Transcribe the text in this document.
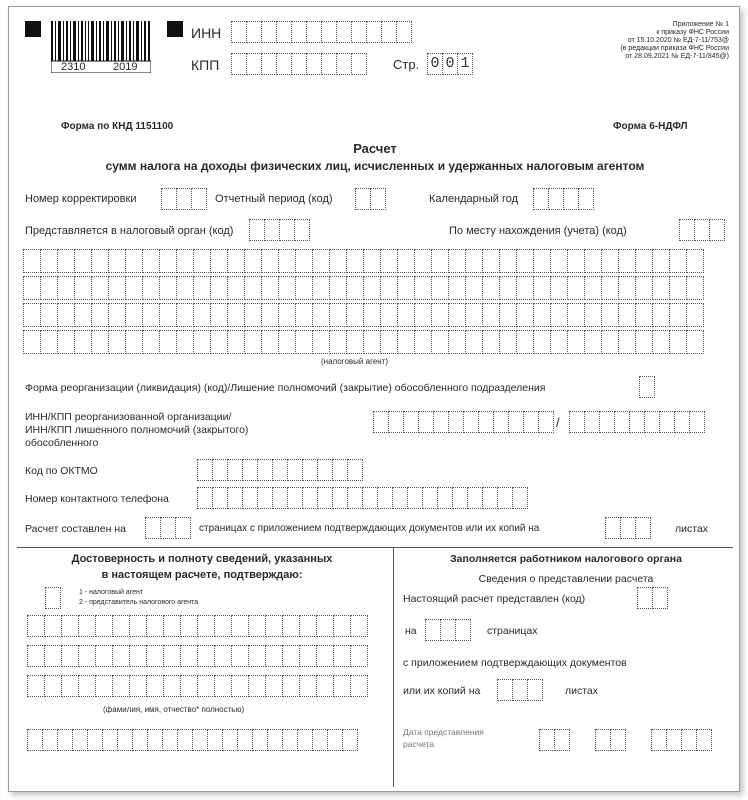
2310	2019
ИНН
КПП	Стр. 0 0 1
Приложение № 1
к приказу ФНС России
от 15.10.2020 № ЕД-7-11/753@
(в редакции приказа ФНС России
от 28.09.2021 № ЕД-7-11/845@)
Форма по КНД 1151100	Форма 6-НДФЛ
Расчет
сумм налога на доходы физических лиц, исчисленных и удержанных налоговым агентом
Номер корректировки	Отчетный период (код)	Календарный год
Представляется в налоговый орган (код)	По месту нахождения (учета) (код)
(налоговый агент)
Форма реорганизации (ликвидация) (код)/Лишение полномочий (закрытие) обособленного подразделения
ИНН/КПП реорганизованной организации/
ИНН/КПП лишенного полномочий (закрытого)
обособленного
/
Код по ОКТМО
Номер контактного телефона
Расчет составлен на	страницах с приложением подтверждающих документов или их копий на	листах
Достоверность и полноту сведений, указанных
в настоящем расчете, подтверждаю:
1 - налоговый агент
2 - представитель налогового агента
(фамилия, имя, отчество* полностью)
Заполняется работником налогового органа
Сведения о представлении расчета
Настоящий расчет представлен (код)
на	страницах
с приложением подтверждающих документов
или их копий на	листах
Дата представления
расчета
